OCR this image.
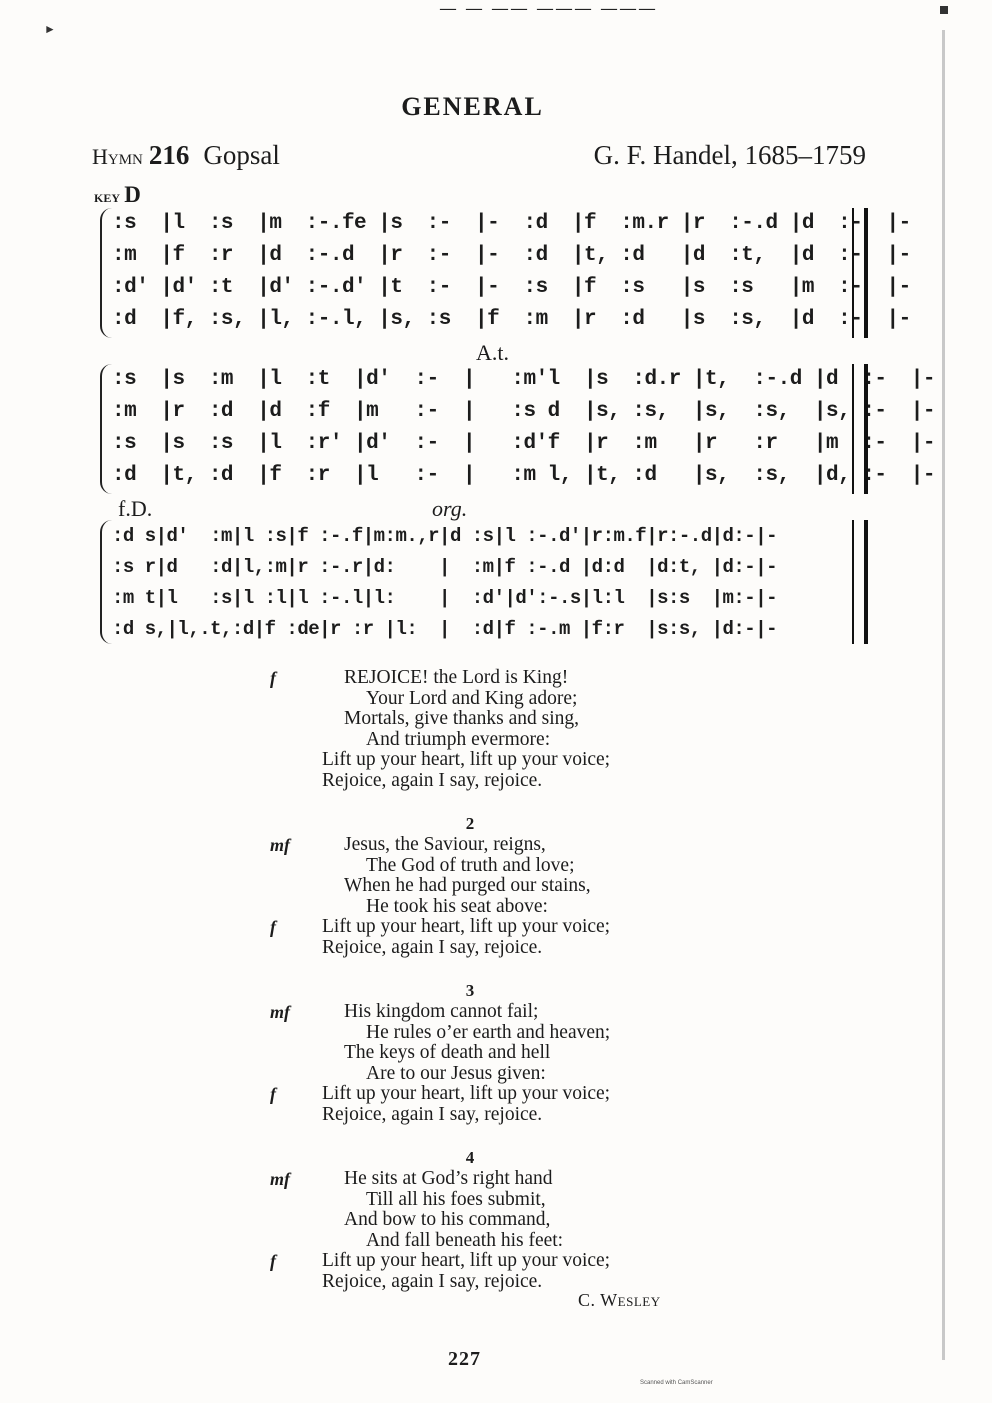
— — —— ——— ———
►
GENERAL
Hymn 216 Gopsal	G. F. Handel, 1685–1759
key D
:s  |l  :s  |m  :-.fe |s  :-  |-  :d  |f  :m.r |r  :-.d |d  :-  |-
:m  |f  :r  |d  :-.d  |r  :-  |-  :d  |t, :d   |d  :t,  |d  :-  |-
:d' |d' :t  |d' :-.d' |t  :-  |-  :s  |f  :s   |s  :s   |m  :-  |-
:d  |f, :s, |l, :-.l, |s, :s  |f  :m  |r  :d   |s  :s,  |d  :-  |-
A.t.
:s  |s  :m  |l  :t  |d'  :-  |   :m'l  |s  :d.r |t,  :-.d |d  :-  |-
:m  |r  :d  |d  :f  |m   :-  |   :s d  |s, :s,  |s,  :s,  |s, :-  |-
:s  |s  :s  |l  :r' |d'  :-  |   :d'f  |r  :m   |r   :r   |m  :-  |-
:d  |t, :d  |f  :r  |l   :-  |   :m l, |t, :d   |s,  :s,  |d, :-  |-
f.D.	org.
:d s|d'  :m|l :s|f :-.f|m:m.,r|d :s|l :-.d'|r:m.f|r:-.d|d:-|-
:s r|d   :d|l,:m|r :-.r|d:    |  :m|f :-.d |d:d  |d:t, |d:-|-
:m t|l   :s|l :l|l :-.l|l:    |  :d'|d':-.s|l:l  |s:s  |m:-|-
:d s,|l,.t,:d|f :de|r :r |l:  |  :d|f :-.m |f:r  |s:s, |d:-|-
f	REJOICE! the Lord is King!
Your Lord and King adore;
Mortals, give thanks and sing,
And triumph evermore:
Lift up your heart, lift up your voice;
Rejoice, again I say, rejoice.
2
mf	Jesus, the Saviour, reigns,
The God of truth and love;
When he had purged our stains,
He took his seat above:
f	Lift up your heart, lift up your voice;
Rejoice, again I say, rejoice.
3
mf	His kingdom cannot fail;
He rules o’er earth and heaven;
The keys of death and hell
Are to our Jesus given:
f	Lift up your heart, lift up your voice;
Rejoice, again I say, rejoice.
4
mf	He sits at God’s right hand
Till all his foes submit,
And bow to his command,
And fall beneath his feet:
f	Lift up your heart, lift up your voice;
Rejoice, again I say, rejoice.
C. Wesley
227
Scanned with CamScanner
